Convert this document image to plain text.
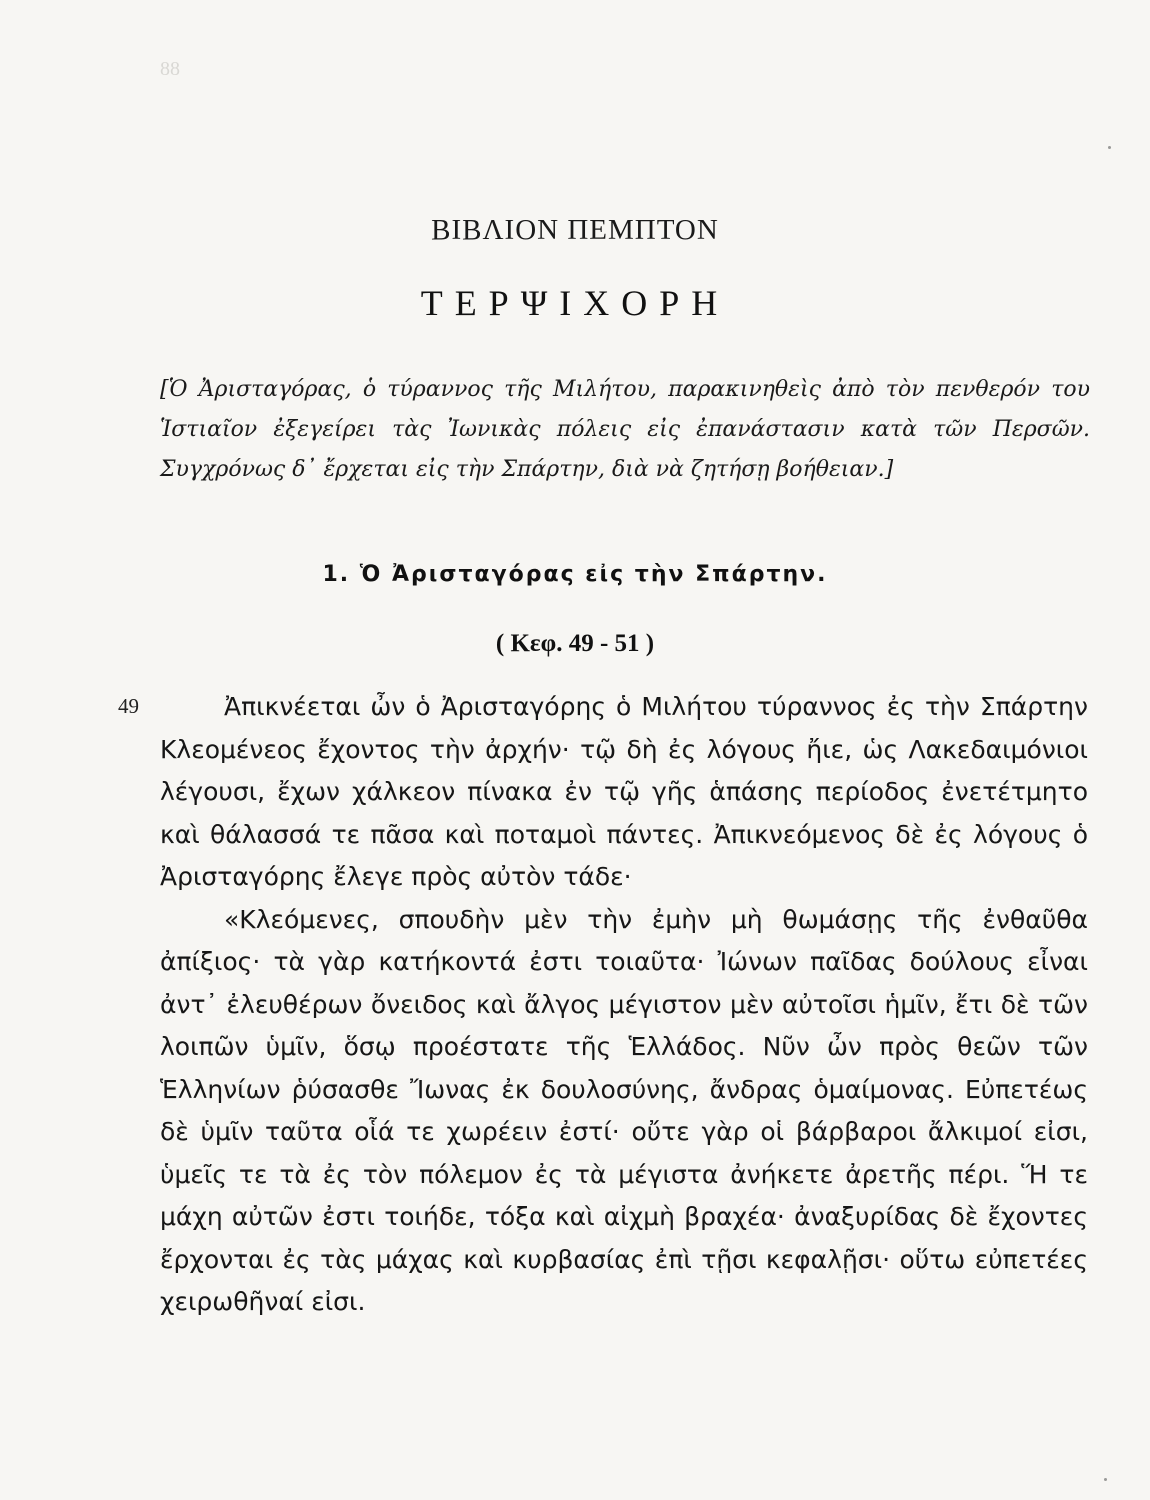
88
ΒΙΒΛΙΟΝ ΠΕΜΠΤΟΝ
ΤΕΡΨΙΧΟΡΗ
[Ὁ Ἀρισταγόρας, ὁ τύραννος τῆς Μιλήτου, παρακινηθεὶς ἀπὸ τὸν πενθερόν του Ἱστιαῖον ἐξεγείρει τὰς Ἰωνικὰς πόλεις εἰς ἐπανάστασιν κατὰ τῶν Περσῶν. Συγχρόνως δ᾽ ἔρχεται εἰς τὴν Σπάρτην, διὰ νὰ ζητήσῃ βοήθειαν.]
1. Ὁ Ἀρισταγόρας εἰς τὴν Σπάρτην.
( Κεφ. 49 - 51 )
49	Ἀπικνέεται ὦν ὁ Ἀρισταγόρης ὁ Μιλήτου τύραννος ἐς τὴν Σπάρτην Κλεομένεος ἔχοντος τὴν ἀρχήν· τῷ δὴ ἐς λόγους ἤιε, ὡς Λακεδαιμόνιοι λέγουσι, ἔχων χάλκεον πίνακα ἐν τῷ γῆς ἁπάσης περίοδος ἐνετέτμητο καὶ θάλασσά τε πᾶσα καὶ ποταμοὶ πάντες. Ἀπικνεόμενος δὲ ἐς λόγους ὁ Ἀρισταγόρης ἔλεγε πρὸς αὐτὸν τάδε·

«Κλεόμενες, σπουδὴν μὲν τὴν ἐμὴν μὴ θωμάσῃς τῆς ἐνθαῦθα ἀπίξιος· τὰ γὰρ κατήκοντά ἐστι τοιαῦτα· Ἰώνων παῖδας δούλους εἶναι ἀντ᾽ ἐλευθέρων ὄνειδος καὶ ἄλγος μέγιστον μὲν αὐτοῖσι ἡμῖν, ἔτι δὲ τῶν λοιπῶν ὑμῖν, ὅσῳ προέστατε τῆς Ἑλλάδος. Νῦν ὦν πρὸς θεῶν τῶν Ἑλληνίων ῥύσασθε Ἴωνας ἐκ δουλοσύνης, ἄνδρας ὁμαίμονας. Εὐπετέως δὲ ὑμῖν ταῦτα οἷά τε χωρέειν ἐστί· οὔτε γὰρ οἱ βάρβαροι ἄλκιμοί εἰσι, ὑμεῖς τε τὰ ἐς τὸν πόλεμον ἐς τὰ μέγιστα ἀνήκετε ἀρετῆς πέρι. Ἥ τε μάχη αὐτῶν ἐστι τοιήδε, τόξα καὶ αἰχμὴ βραχέα· ἀναξυρίδας δὲ ἔχοντες ἔρχονται ἐς τὰς μάχας καὶ κυρβασίας ἐπὶ τῇσι κεφαλῇσι· οὕτω εὐπετέες χειρωθῆναί εἰσι.
